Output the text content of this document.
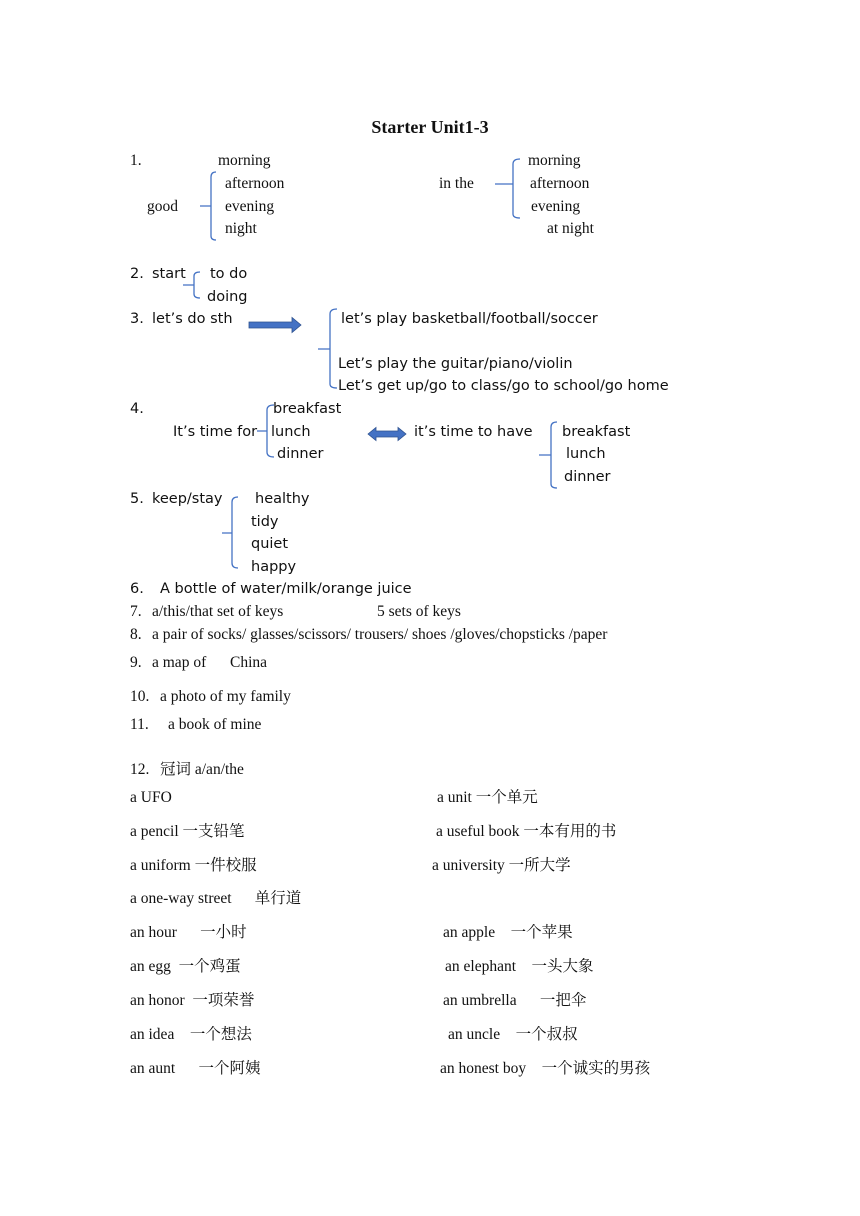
Starter Unit1-3
1.	morning
afternoon
good	evening
night
morning
in the	afternoon
evening
at night
2. start to do
doing
3. let’s do sth	let’s play basketball/football/soccer
Let’s play the guitar/piano/violin
Let’s get up/go to class/go to school/go home
4.	breakfast
It’s time for lunch
dinner
it’s time to have breakfast
lunch
dinner
5. keep/stay healthy
tidy
quiet
happy
6. A bottle of water/milk/orange juice
7. a/this/that set of keys	5 sets of keys
8. a pair of socks/ glasses/scissors/ trousers/ shoes /gloves/chopsticks /paper
9. a map of China
10. a photo of my family
11. a book of mine
12. 冠词 a/an/the
a UFO	a unit 一个单元
a pencil 一支铅笔	a useful book 一本有用的书
a uniform 一件校服	a university 一所大学
a one-way street      单行道
an hour      一小时	an apple    一个苹果
an egg  一个鸡蛋	an elephant    一头大象
an honor  一项荣誉	an umbrella      一把伞
an idea    一个想法	an uncle    一个叔叔
an aunt      一个阿姨	an honest boy    一个诚实的男孩
